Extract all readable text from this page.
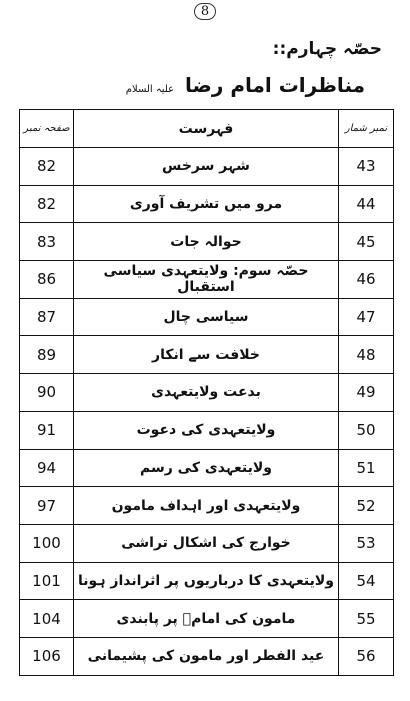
8
حصّہ چہارم::
مناظرات امام رضا علیہ السلام
صفحہ نمبر	فہرست	نمبر شمار
82	شہر سرخس	43
82	مرو میں تشریف آوری	44
83	حوالہ جات	45
86	حصّہ سوم: ولایتعہدی سیاسی استقبال	46
87	سیاسی چال	47
89	خلافت سے انکار	48
90	بدعت ولایتعہدی	49
91	ولایتعہدی کی دعوت	50
94	ولایتعہدی کی رسم	51
97	ولایتعہدی اور اہداف مامون	52
100	خوارج کی اشکال تراشی	53
101	ولایتعہدی کا درباریوں پر اثرانداز ہونا	54
104	مامون کی امامؑ پر پابندی	55
106	عید الفطر اور مامون کی پشیمانی	56
